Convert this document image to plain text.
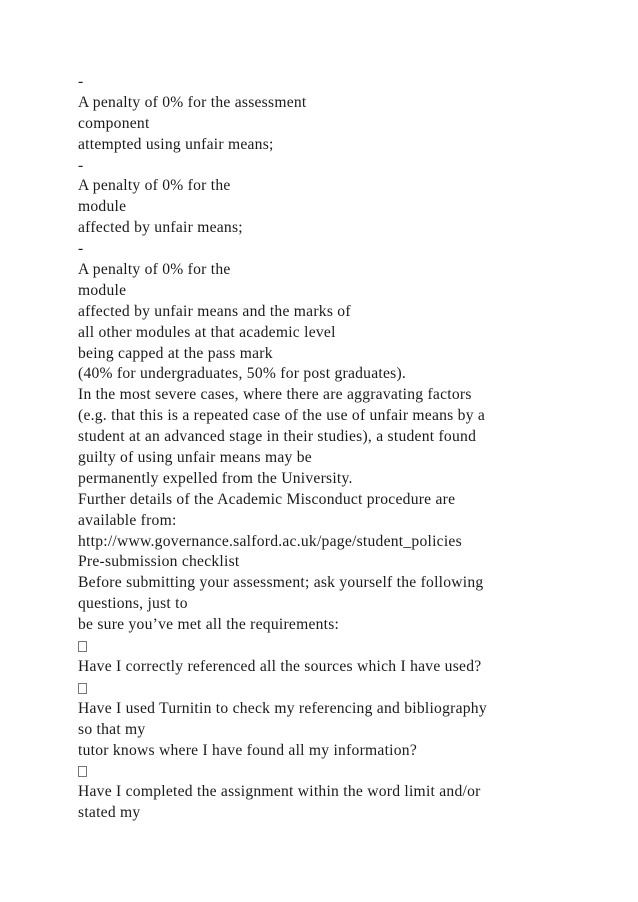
-
A penalty of 0% for the assessment
component
attempted using unfair means;
-
A penalty of 0% for the
module
affected by unfair means;
-
A penalty of 0% for the
module
affected by unfair means and the marks of
all other modules at that academic level
being capped at the pass mark
(40% for undergraduates, 50% for post graduates).
In the most severe cases, where there are aggravating factors
(e.g. that this is a repeated case of the use of unfair means by a
student at an advanced stage in their studies), a student found
guilty of using unfair means may be
permanently expelled from the University.
Further details of the Academic Misconduct procedure are
available from:
http://www.governance.salford.ac.uk/page/student_policies
Pre-submission checklist
Before submitting your assessment; ask yourself the following
questions, just to
be sure you’ve met all the requirements:
Have I correctly referenced all the sources which I have used?
Have I used Turnitin to check my referencing and bibliography
so that my
tutor knows where I have found all my information?
Have I completed the assignment within the word limit and/or
stated my
